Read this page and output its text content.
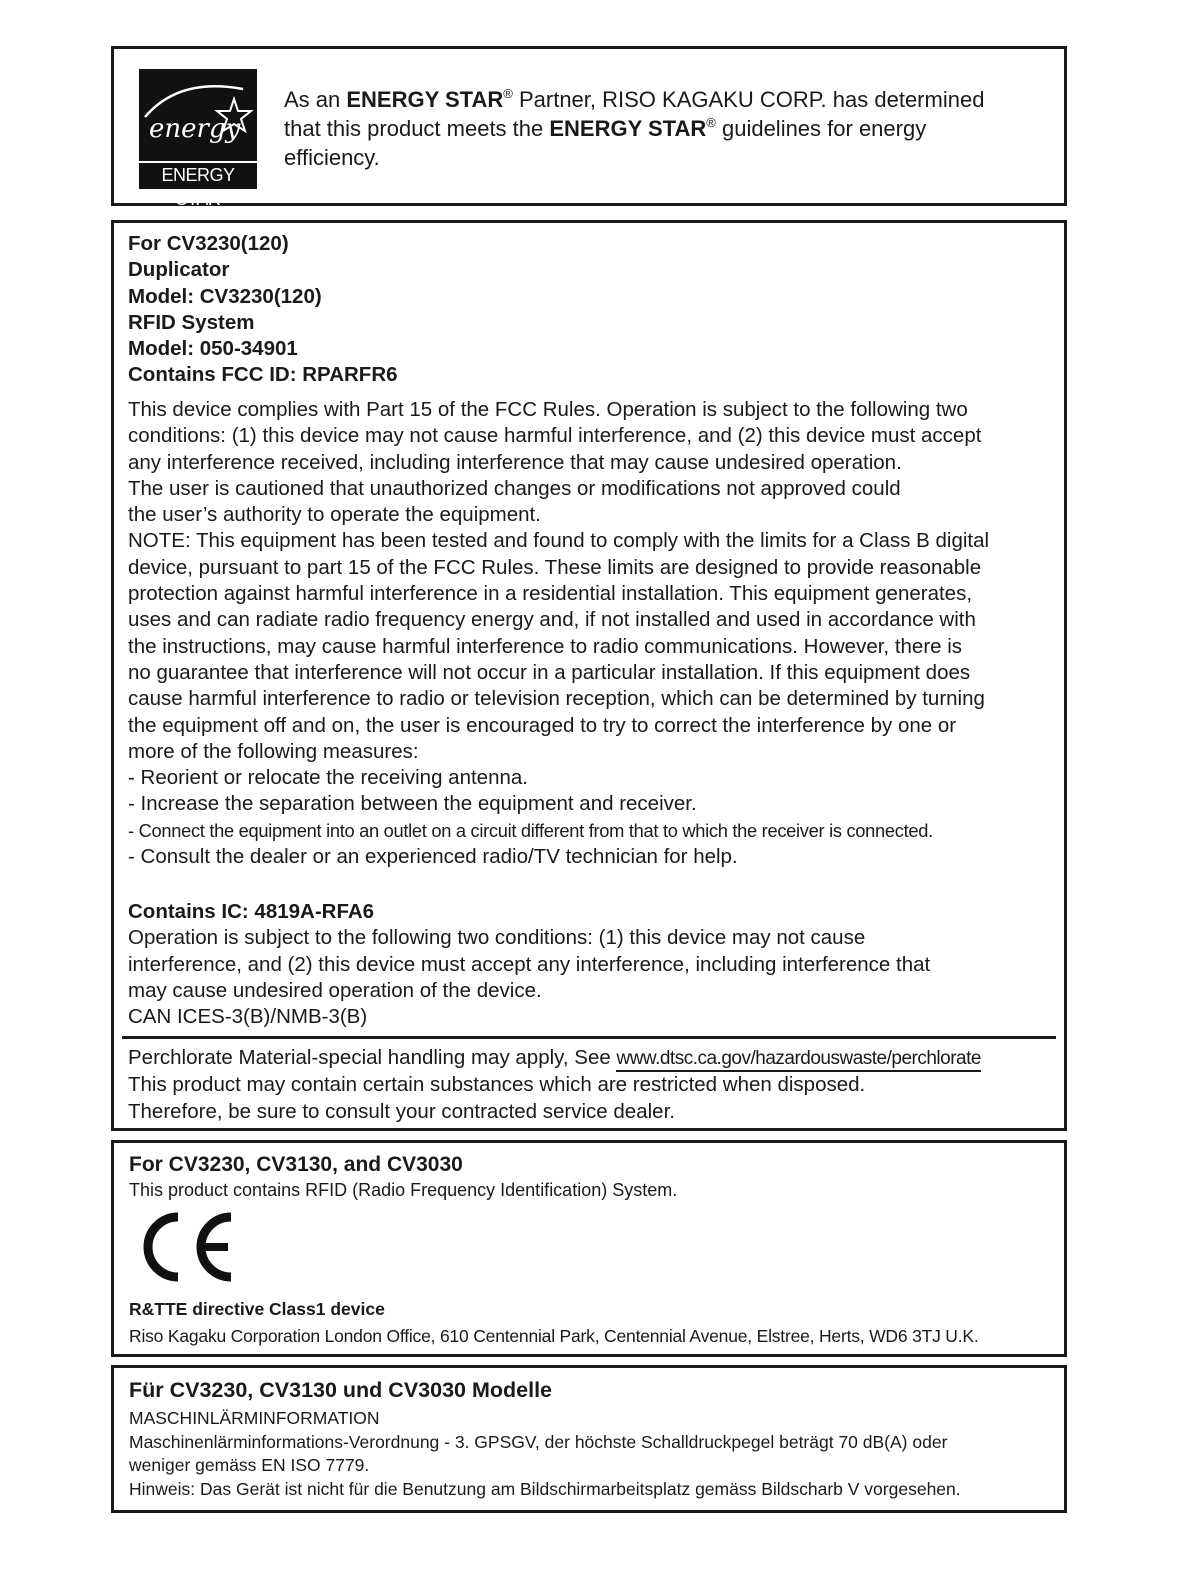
energy
ENERGY STAR
As an ENERGY STAR® Partner, RISO KAGAKU CORP. has determined
that this product meets the ENERGY STAR® guidelines for energy
efficiency.
For CV3230(120)
Duplicator
Model: CV3230(120)
RFID System
Model: 050-34901
Contains FCC ID: RPARFR6
This device complies with Part 15 of the FCC Rules. Operation is subject to the following two
conditions: (1) this device may not cause harmful interference, and (2) this device must accept
any interference received, including interference that may cause undesired operation.
The user is cautioned that unauthorized changes or modifications not approved could
the user’s authority to operate the equipment.
NOTE: This equipment has been tested and found to comply with the limits for a Class B digital
device, pursuant to part 15 of the FCC Rules. These limits are designed to provide reasonable
protection against harmful interference in a residential installation. This equipment generates,
uses and can radiate radio frequency energy and, if not installed and used in accordance with
the instructions, may cause harmful interference to radio communications. However, there is
no guarantee that interference will not occur in a particular installation. If this equipment does
cause harmful interference to radio or television reception, which can be determined by turning
the equipment off and on, the user is encouraged to try to correct the interference by one or
more of the following measures:
- Reorient or relocate the receiving antenna.
- Increase the separation between the equipment and receiver.
- Connect the equipment into an outlet on a circuit different from that to which the receiver is connected.
- Consult the dealer or an experienced radio/TV technician for help.
Contains IC: 4819A-RFA6
Operation is subject to the following two conditions: (1) this device may not cause
interference, and (2) this device must accept any interference, including interference that
may cause undesired operation of the device.
CAN ICES-3(B)/NMB-3(B)
Perchlorate Material-special handling may apply, See www.dtsc.ca.gov/hazardouswaste/perchlorate
This product may contain certain substances which are restricted when disposed.
Therefore, be sure to consult your contracted service dealer.
For CV3230, CV3130, and CV3030
This product contains RFID (Radio Frequency Identification) System.
R&TTE directive Class1 device
Riso Kagaku Corporation London Office, 610 Centennial Park, Centennial Avenue, Elstree, Herts, WD6 3TJ U.K.
Für CV3230, CV3130 und CV3030 Modelle
MASCHINLÄRMINFORMATION
Maschinenlärminformations-Verordnung - 3. GPSGV, der höchste Schalldruckpegel beträgt 70 dB(A) oder
weniger gemäss EN ISO 7779.
Hinweis: Das Gerät ist nicht für die Benutzung am Bildschirmarbeitsplatz gemäss Bildscharb V vorgesehen.
